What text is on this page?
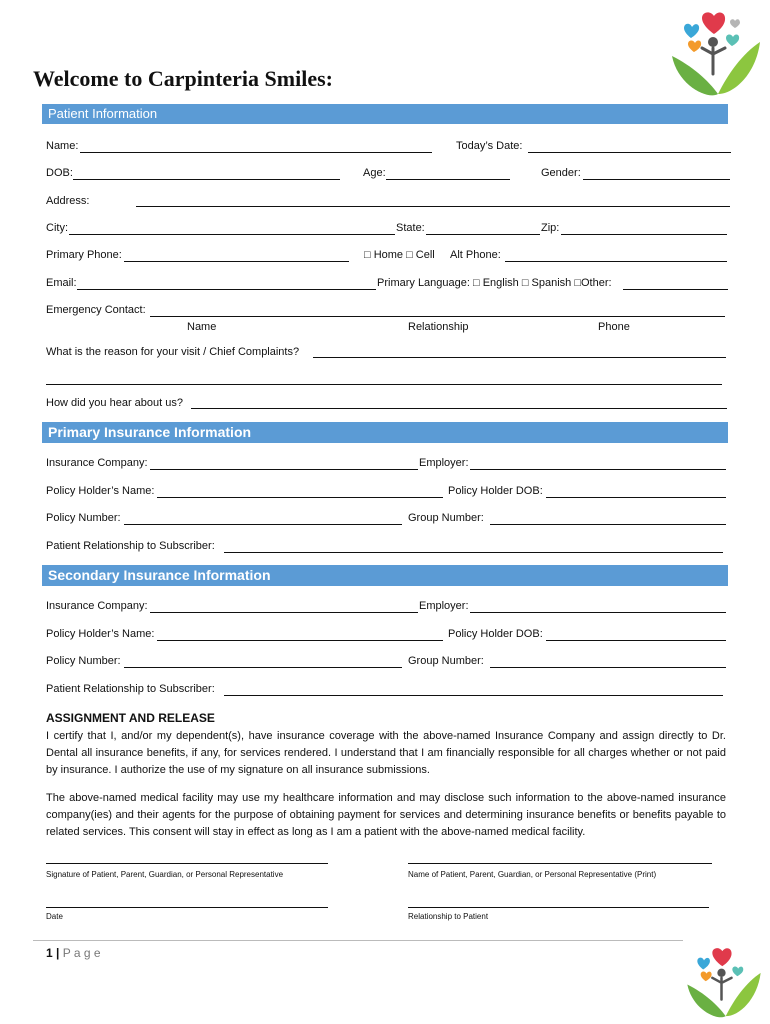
Welcome to Carpinteria Smiles:
Patient Information
Name:	Today’s Date:
DOB:	Age:	Gender:
Address:
City:	State:	Zip:
Primary Phone:	□ Home □ Cell Alt Phone:
Email:	Primary Language: □ English □ Spanish □Other:
Emergency Contact:
Name	Relationship	Phone
What is the reason for your visit / Chief Complaints?
How did you hear about us?
Primary Insurance Information
Insurance Company:	Employer:
Policy Holder’s Name:	Policy Holder DOB:
Policy Number:	Group Number:
Patient Relationship to Subscriber:
Secondary Insurance Information
Insurance Company:	Employer:
Policy Holder’s Name:	Policy Holder DOB:
Policy Number:	Group Number:
Patient Relationship to Subscriber:
ASSIGNMENT AND RELEASE
I certify that I, and/or my dependent(s), have insurance coverage with the above-named Insurance Company and assign directly to Dr. Dental all insurance benefits, if any, for services rendered. I understand that I am financially responsible for all charges whether or not paid by insurance. I authorize the use of my signature on all insurance submissions.
The above-named medical facility may use my healthcare information and may disclose such information to the above-named insurance company(ies) and their agents for the purpose of obtaining payment for services and determining insurance benefits or benefits payable to related services. This consent will stay in effect as long as I am a patient with the above-named medical facility.
Signature of Patient, Parent, Guardian, or Personal Representative	Name of Patient, Parent, Guardian, or Personal Representative (Print)
Date	Relationship to Patient
1 | P a g e
